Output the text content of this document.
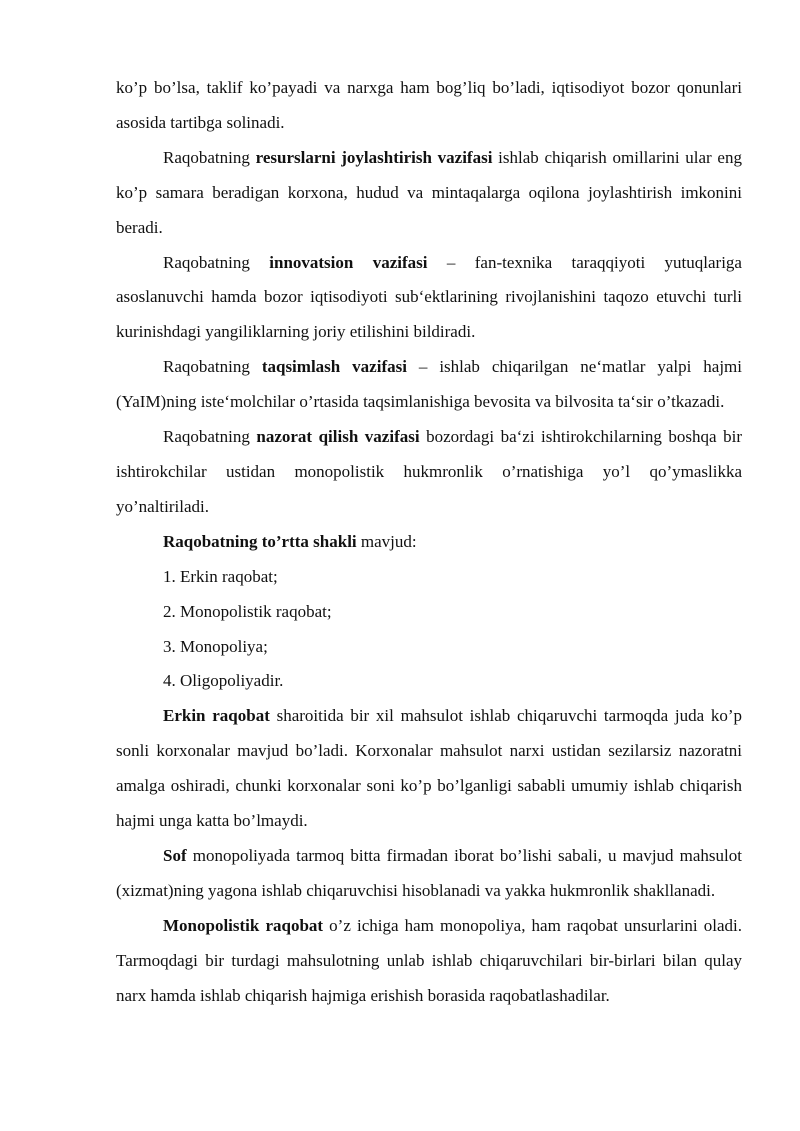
ko’p bo’lsa, taklif ko’payadi va narxga ham bog’liq bo’ladi, iqtisodiyot bozor qonunlari asosida tartibga solinadi.

Raqobatning resurslarni joylashtirish vazifasi ishlab chiqarish omillarini ular eng ko’p samara beradigan korxona, hudud va mintaqalarga oqilona joylashtirish imkonini beradi.

Raqobatning innovatsion vazifasi – fan-texnika taraqqiyoti yutuqlariga asoslanuvchi hamda bozor iqtisodiyoti sub‘ektlarining rivojlanishini taqozo etuvchi turli kurinishdagi yangiliklarning joriy etilishini bildiradi.

Raqobatning taqsimlash vazifasi – ishlab chiqarilgan ne‘matlar yalpi hajmi (YaIM)ning iste‘molchilar o’rtasida taqsimlanishiga bevosita va bilvosita ta‘sir o’tkazadi.

Raqobatning nazorat qilish vazifasi bozordagi ba‘zi ishtirokchilarning boshqa bir ishtirokchilar ustidan monopolistik hukmronlik o’rnatishiga yo’l qo’ymaslikka yo’naltiriladi.

Raqobatning to’rtta shakli mavjud:

1. Erkin raqobat;

2. Monopolistik raqobat;

3. Monopoliya;

4. Oligopoliyadir.

Erkin raqobat sharoitida bir xil mahsulot ishlab chiqaruvchi tarmoqda juda ko’p sonli korxonalar mavjud bo’ladi. Korxonalar mahsulot narxi ustidan sezilarsiz nazoratni amalga oshiradi, chunki korxonalar soni ko’p bo’lganligi sababli umumiy ishlab chiqarish hajmi unga katta bo’lmaydi.

Sof monopoliyada tarmoq bitta firmadan iborat bo’lishi sabali, u mavjud mahsulot (xizmat)ning yagona ishlab chiqaruvchisi hisoblanadi va yakka hukmronlik shakllanadi.

Monopolistik raqobat o’z ichiga ham monopoliya, ham raqobat unsurlarini oladi. Tarmoqdagi bir turdagi mahsulotning unlab ishlab chiqaruvchilari bir-birlari bilan qulay narx hamda ishlab chiqarish hajmiga erishish borasida raqobatlashadilar.
